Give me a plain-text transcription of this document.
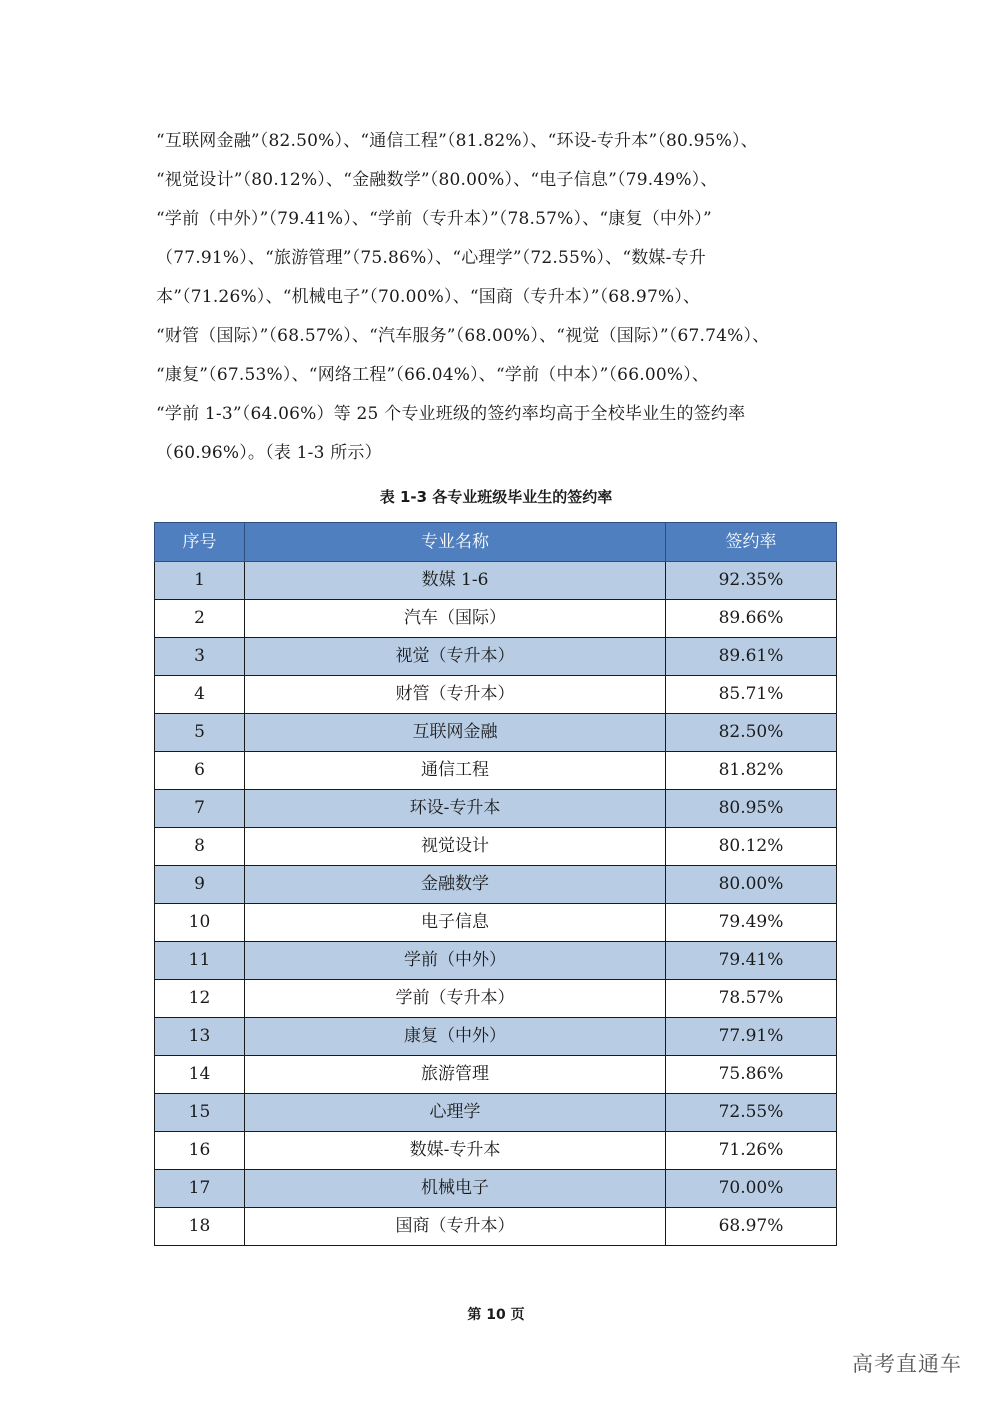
“互联网金融”（82.50%）、“通信工程”（81.82%）、“环设-专升本”（80.95%）、
“视觉设计”（80.12%）、“金融数学”（80.00%）、“电子信息”（79.49%）、
“学前（中外）”（79.41%）、“学前（专升本）”（78.57%）、“康复（中外）”
（77.91%）、“旅游管理”（75.86%）、“心理学”（72.55%）、“数媒-专升
本”（71.26%）、“机械电子”（70.00%）、“国商（专升本）”（68.97%）、
“财管（国际）”（68.57%）、“汽车服务”（68.00%）、“视觉（国际）”（67.74%）、
“康复”（67.53%）、“网络工程”（66.04%）、“学前（中本）”（66.00%）、
“学前 1-3”（64.06%）等 25 个专业班级的签约率均高于全校毕业生的签约率
（60.96%）。（表 1-3 所示）
表 1-3 各专业班级毕业生的签约率
序号	专业名称	签约率
1	数媒 1-6	92.35%
2	汽车（国际）	89.66%
3	视觉（专升本）	89.61%
4	财管（专升本）	85.71%
5	互联网金融	82.50%
6	通信工程	81.82%
7	环设-专升本	80.95%
8	视觉设计	80.12%
9	金融数学	80.00%
10	电子信息	79.49%
11	学前（中外）	79.41%
12	学前（专升本）	78.57%
13	康复（中外）	77.91%
14	旅游管理	75.86%
15	心理学	72.55%
16	数媒-专升本	71.26%
17	机械电子	70.00%
18	国商（专升本）	68.97%
第 10 页
高考直通车
